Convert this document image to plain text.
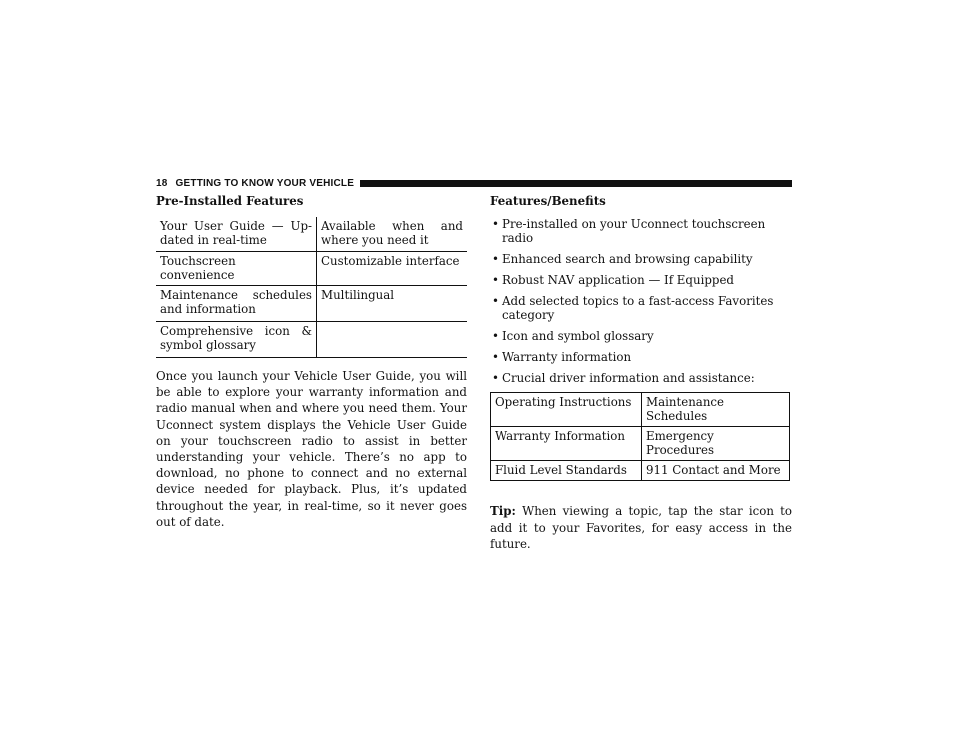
18 GETTING TO KNOW YOUR VEHICLE
Pre-Installed Features
Your User Guide — Up-dated in real-time	Available when and where you need it
Touchscreen convenience	Customizable interface
Maintenance schedules and information	Multilingual
Comprehensive icon & symbol glossary	

Once you launch your Vehicle User Guide, you will be able to explore your warranty information and radio manual when and where you need them. Your Uconnect system displays the Vehicle User Guide on your touchscreen radio to assist in better understanding your vehicle. There’s no app to download, no phone to connect and no external device needed for playback. Plus, it’s updated throughout the year, in real-time, so it never goes out of date.

Features/Benefits
• Pre-installed on your Uconnect touchscreen radio
• Enhanced search and browsing capability
• Robust NAV application — If Equipped
• Add selected topics to a fast-access Favorites category
• Icon and symbol glossary
• Warranty information
• Crucial driver information and assistance:
Operating Instructions	Maintenance Schedules
Warranty Information	Emergency Procedures
Fluid Level Standards	911 Contact and More
Tip: When viewing a topic, tap the star icon to add it to your Favorites, for easy access in the future.
